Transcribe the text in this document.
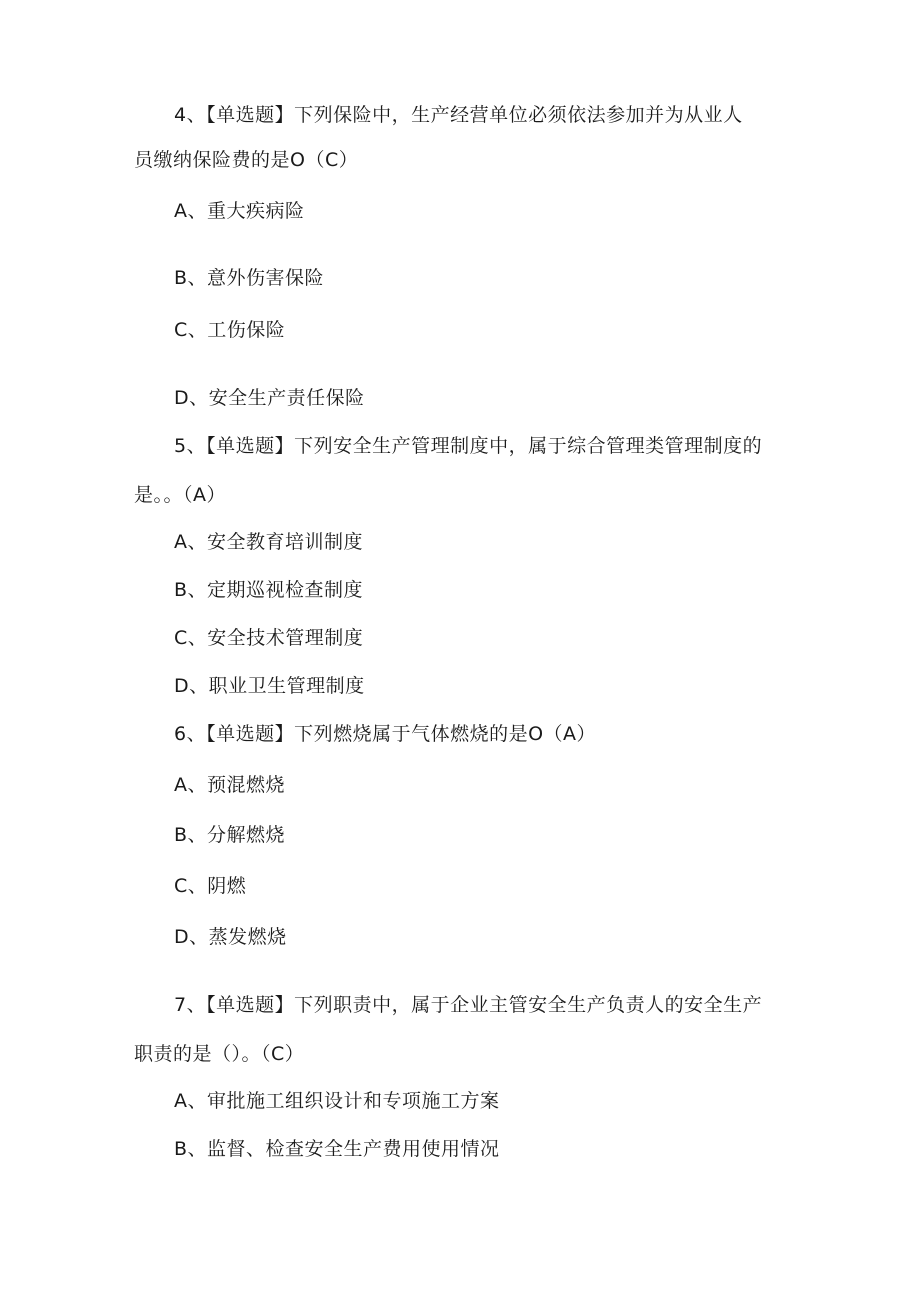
4、【单选题】下列保险中，生产经营单位必须依法参加并为从业人
员缴纳保险费的是O（C）
A、重大疾病险
B、意外伤害保险
C、工伤保险
D、安全生产责任保险
5、【单选题】下列安全生产管理制度中，属于综合管理类管理制度的
是。。（A）
A、安全教育培训制度
B、定期巡视检查制度
C、安全技术管理制度
D、职业卫生管理制度
6、【单选题】下列燃烧属于气体燃烧的是O（A）
A、预混燃烧
B、分解燃烧
C、阴燃
D、蒸发燃烧
7、【单选题】下列职责中，属于企业主管安全生产负责人的安全生产
职责的是（）。（C）
A、审批施工组织设计和专项施工方案
B、监督、检查安全生产费用使用情况
